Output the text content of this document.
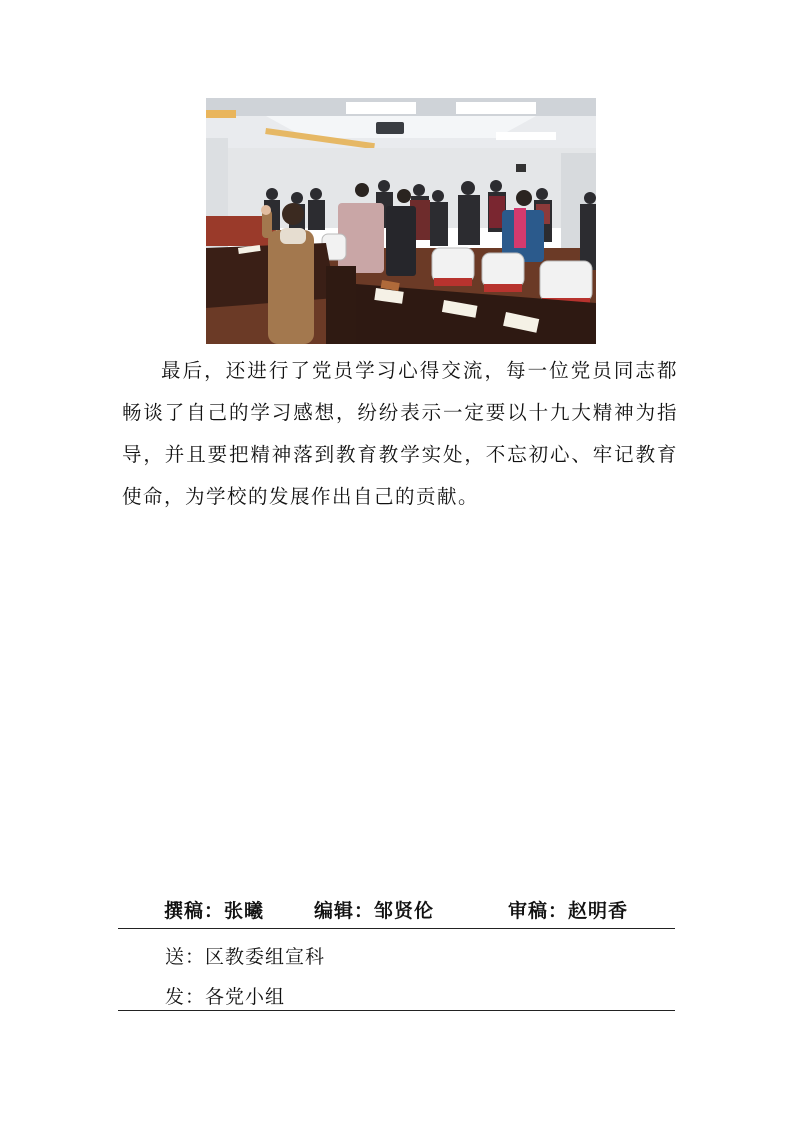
最后，还进行了党员学习心得交流，每一位党员同志都畅谈了自己的学习感想，纷纷表示一定要以十九大精神为指导，并且要把精神落到教育教学实处，不忘初心、牢记教育使命，为学校的发展作出自己的贡献。

撰稿：张曦	编辑：邹贤伦	审稿：赵明香
送：区教委组宣科
发：各党小组
